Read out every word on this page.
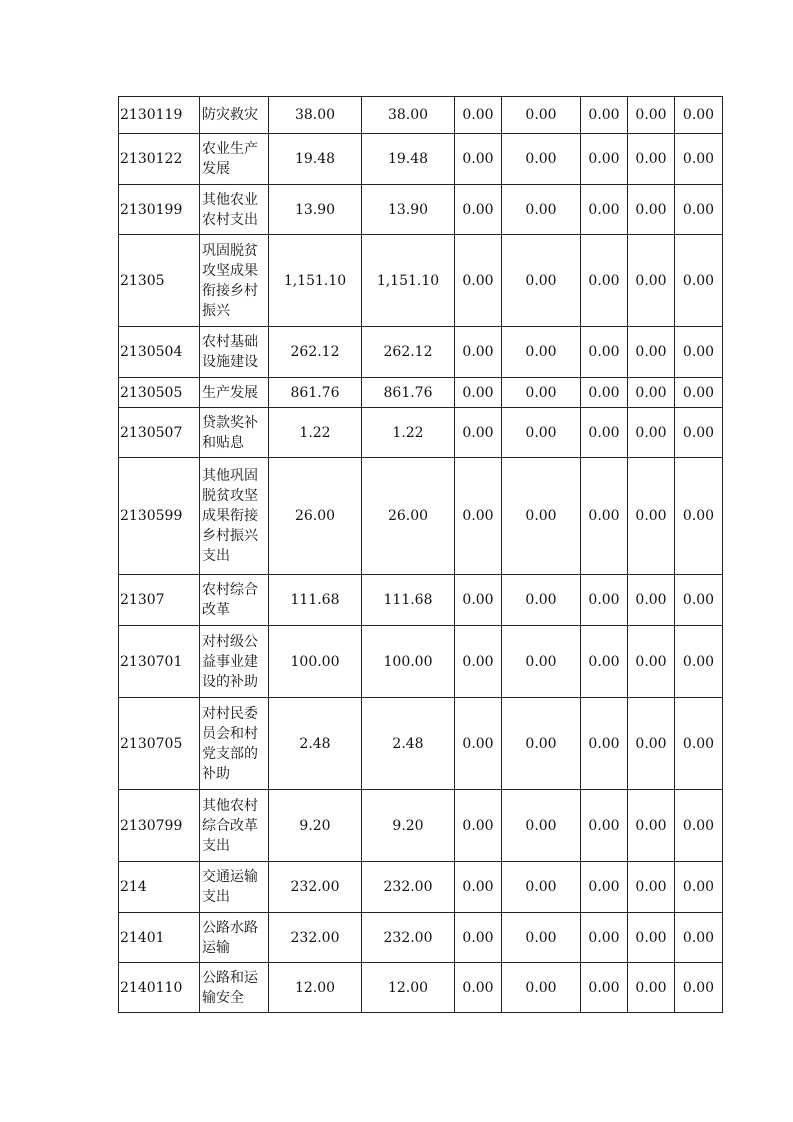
2130119	防灾救灾	38.00	38.00	0.00	0.00	0.00	0.00	0.00
2130122	农业生产发展	19.48	19.48	0.00	0.00	0.00	0.00	0.00
2130199	其他农业农村支出	13.90	13.90	0.00	0.00	0.00	0.00	0.00
21305	巩固脱贫攻坚成果衔接乡村振兴	1,151.10	1,151.10	0.00	0.00	0.00	0.00	0.00
2130504	农村基础设施建设	262.12	262.12	0.00	0.00	0.00	0.00	0.00
2130505	生产发展	861.76	861.76	0.00	0.00	0.00	0.00	0.00
2130507	贷款奖补和贴息	1.22	1.22	0.00	0.00	0.00	0.00	0.00
2130599	其他巩固脱贫攻坚成果衔接乡村振兴支出	26.00	26.00	0.00	0.00	0.00	0.00	0.00
21307	农村综合改革	111.68	111.68	0.00	0.00	0.00	0.00	0.00
2130701	对村级公益事业建设的补助	100.00	100.00	0.00	0.00	0.00	0.00	0.00
2130705	对村民委员会和村党支部的补助	2.48	2.48	0.00	0.00	0.00	0.00	0.00
2130799	其他农村综合改革支出	9.20	9.20	0.00	0.00	0.00	0.00	0.00
214	交通运输支出	232.00	232.00	0.00	0.00	0.00	0.00	0.00
21401	公路水路运输	232.00	232.00	0.00	0.00	0.00	0.00	0.00
2140110	公路和运输安全	12.00	12.00	0.00	0.00	0.00	0.00	0.00
